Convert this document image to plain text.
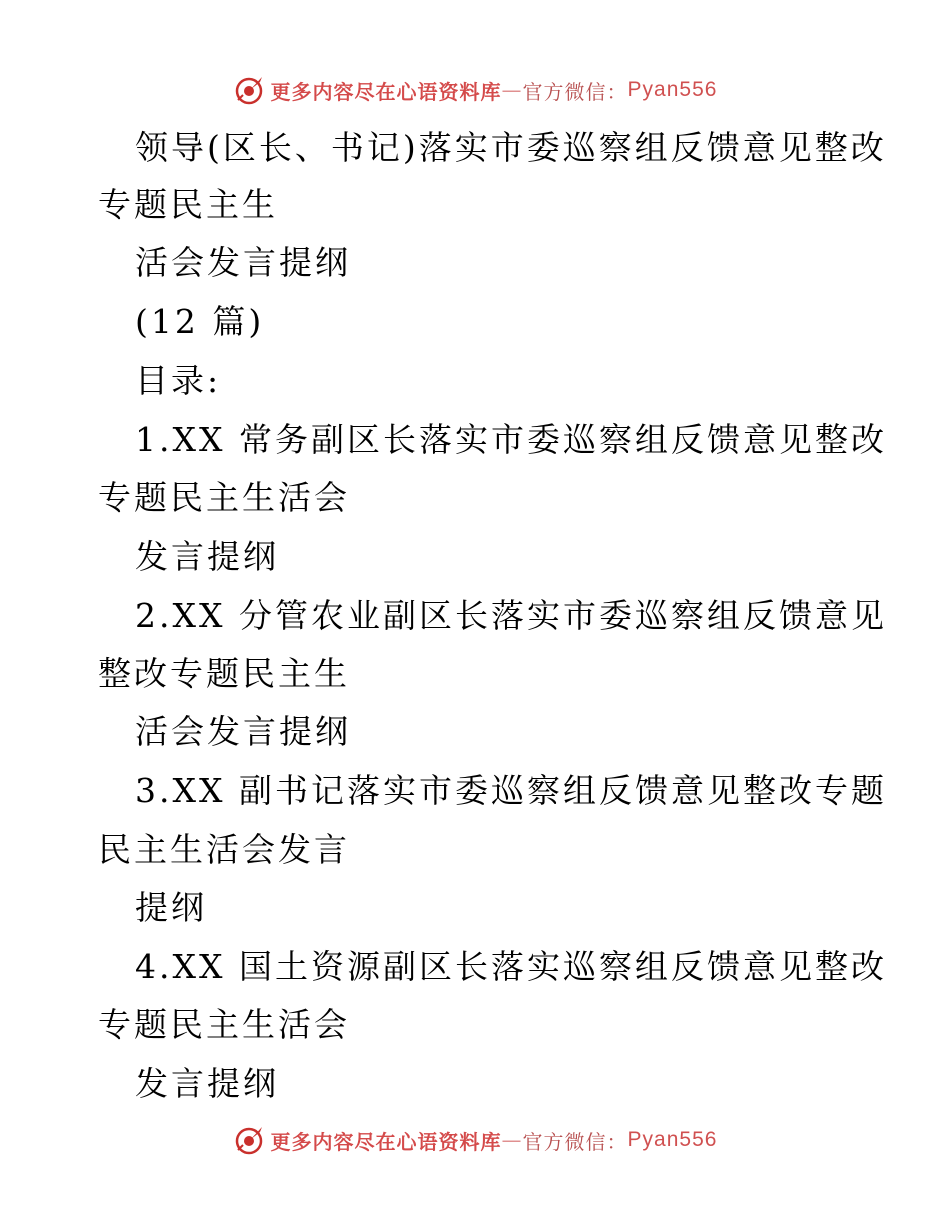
更多内容尽在心语资料库 — 官方微信： Pyan556
领导(区长、书记)落实市委巡察组反馈意见整改
专题民主生
活会发言提纲
(12 篇)
目录:
1.XX 常务副区长落实市委巡察组反馈意见整改
专题民主生活会
发言提纲
2.XX 分管农业副区长落实市委巡察组反馈意见
整改专题民主生
活会发言提纲
3.XX 副书记落实市委巡察组反馈意见整改专题
民主生活会发言
提纲
4.XX 国土资源副区长落实巡察组反馈意见整改
专题民主生活会
发言提纲
更多内容尽在心语资料库 — 官方微信： Pyan556
